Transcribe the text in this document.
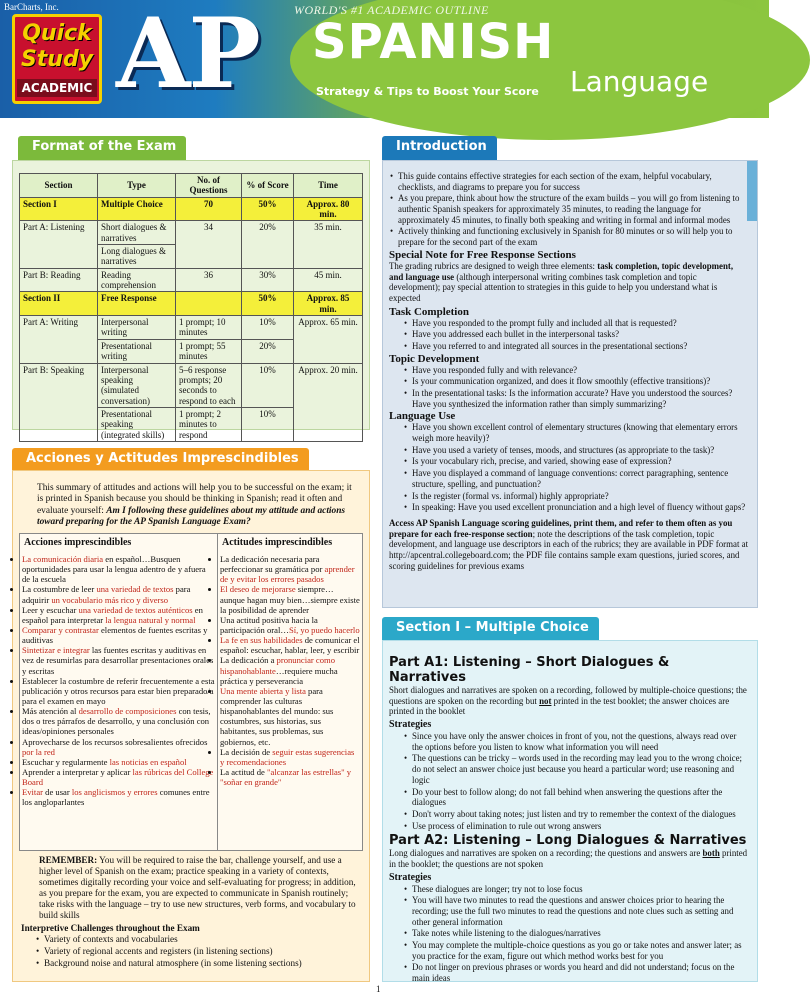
BarCharts, Inc.
Quick
Study
ACADEMIC AP	WORLD'S #1 ACADEMIC OUTLINE
SPANISH
Language
Strategy & Tips to Boost Your Score
Format of the Exam
Section	Type	No. of Questions	% of Score	Time
Section I	Multiple Choice	70	50%	Approx. 80 min.
Part A: Listening	Short dialogues & narratives	34	20%	35 min.
	Long dialogues & narratives			
Part B: Reading	Reading comprehension	36	30%	45 min.
Section II	Free Response		50%	Approx. 85 min.
Part A: Writing	Interpersonal writing	1 prompt; 10 minutes	10%	Approx. 65 min.
	Presentational writing	1 prompt; 55 minutes	20%	
Part B: Speaking	Interpersonal speaking (simulated conversation)	5–6 response prompts; 20 seconds to respond to each	10%	Approx. 20 min.
	Presentational speaking (integrated skills)	1 prompt; 2 minutes to respond	10%	
Acciones y Actitudes Imprescindibles
This summary of attitudes and actions will help you to be successful on the exam; it is printed in Spanish because you should be thinking in Spanish; read it often and evaluate yourself: Am I following these guidelines about my attitude and actions toward preparing for the AP Spanish Language Exam?
Acciones imprescindibles
• La comunicación diaria en español…Busquen oportunidades para usar la lengua adentro de y afuera de la escuela
• La costumbre de leer una variedad de textos para adquirir un vocabulario más rico y diverso
• Leer y escuchar una variedad de textos auténticos en español para interpretar la lengua natural y normal
• Comparar y contrastar elementos de fuentes escritas y auditivas
• Sintetizar e integrar las fuentes escritas y auditivas en vez de resumirlas para desarrollar presentaciones orales y escritas
• Establecer la costumbre de referir frecuentemente a esta publicación y otros recursos para estar bien preparado/a para el examen en mayo
• Más atención al desarrollo de composiciones con tesis, dos o tres párrafos de desarrollo, y una conclusión con ideas/opiniones personales
• Aprovecharse de los recursos sobresalientes ofrecidos por la red
• Escuchar y regularmente las noticias en español
• Aprender a interpretar y aplicar las rúbricas del College Board
• Evitar de usar los anglicismos y errores comunes entre los angloparlantes
Actitudes imprescindibles
• La dedicación necesaria para perfeccionar su gramática por aprender de y evitar los errores pasados
• El deseo de mejorarse siempre… aunque hagan muy bien…siempre existe la posibilidad de aprender
• Una actitud positiva hacia la participación oral…Sí, yo puedo hacerlo
• La fe en sus habilidades de comunicar el español: escuchar, hablar, leer, y escribir
• La dedicación a pronunciar como hispanohablante…requiere mucha práctica y perseverancia
• Una mente abierta y lista para comprender las culturas hispanohablantes del mundo: sus costumbres, sus historias, sus habitantes, sus problemas, sus gobiernos, etc.
• La decisión de seguir estas sugerencias y recomendaciones
• La actitud de "alcanzar las estrellas" y "soñar en grande"

REMEMBER: You will be required to raise the bar, challenge yourself, and use a higher level of Spanish on the exam; practice speaking in a variety of contexts, sometimes digitally recording your voice and self-evaluating for progress; in addition, as you prepare for the exam, you are expected to communicate in Spanish routinely; take risks with the language – try to use new structures, verb forms, and vocabulary to build skills

Interpretive Challenges throughout the Exam
• Variety of contexts and vocabularies
• Variety of regional accents and registers (in listening sections)
• Background noise and natural atmosphere (in some listening sections)
Introduction
• This guide contains effective strategies for each section of the exam, helpful vocabulary, checklists, and diagrams to prepare you for success
• As you prepare, think about how the structure of the exam builds – you will go from listening to authentic Spanish speakers for approximately 35 minutes, to reading the language for approximately 45 minutes, to finally both speaking and writing in formal and informal modes
• Actively thinking and functioning exclusively in Spanish for 80 minutes or so will help you to prepare for the second part of the exam
Special Note for Free Response Sections

The grading rubrics are designed to weigh three elements: task completion, topic development, and language use (although interpersonal writing combines task completion and topic development); pay special attention to strategies in this guide to help you understand what is expected

Task Completion
• Have you responded to the prompt fully and included all that is requested?
• Have you addressed each bullet in the interpersonal tasks?
• Have you referred to and integrated all sources in the presentational sections?
Topic Development
• Have you responded fully and with relevance?
• Is your communication organized, and does it flow smoothly (effective transitions)?
• In the presentational tasks: Is the information accurate? Have you understood the sources? Have you synthesized the information rather than simply summarizing?
Language Use
• Have you shown excellent control of elementary structures (knowing that elementary errors weigh more heavily)?
• Have you used a variety of tenses, moods, and structures (as appropriate to the task)?
• Is your vocabulary rich, precise, and varied, showing ease of expression?
• Have you displayed a command of language conventions: correct paragraphing, sentence structure, spelling, and punctuation?
• Is the register (formal vs. informal) highly appropriate?
• In speaking: Have you used excellent pronunciation and a high level of fluency without gaps?

Access AP Spanish Language scoring guidelines, print them, and refer to them often as you prepare for each free-response section; note the descriptions of the task completion, topic development, and language use descriptors in each of the rubrics; they are available in PDF format at http://apcentral.collegeboard.com; the PDF file contains sample exam questions, juried scores, and scoring guidelines for previous exams

Section I – Multiple Choice
Part A1: Listening – Short Dialogues & Narratives

Short dialogues and narratives are spoken on a recording, followed by multiple-choice questions; the questions are spoken on the recording but not printed in the test booklet; the answer choices are printed in the booklet

Strategies
• Since you have only the answer choices in front of you, not the questions, always read over the options before you listen to know what information you will need
• The questions can be tricky – words used in the recording may lead you to the wrong choice; do not select an answer choice just because you heard a particular word; use reasoning and logic
• Do your best to follow along; do not fall behind when answering the questions after the dialogues
• Don't worry about taking notes; just listen and try to remember the context of the dialogues
• Use process of elimination to rule out wrong answers
Part A2: Listening – Long Dialogues & Narratives

Long dialogues and narratives are spoken on a recording; the questions and answers are both printed in the booklet; the questions are not spoken

Strategies
• These dialogues are longer; try not to lose focus
• You will have two minutes to read the questions and answer choices prior to hearing the recording; use the full two minutes to read the questions and note clues such as setting and other general information
• Take notes while listening to the dialogues/narratives
• You may complete the multiple-choice questions as you go or take notes and answer later; as you practice for the exam, figure out which method works best for you
• Do not linger on previous phrases or words you heard and did not understand; focus on the main ideas
1
